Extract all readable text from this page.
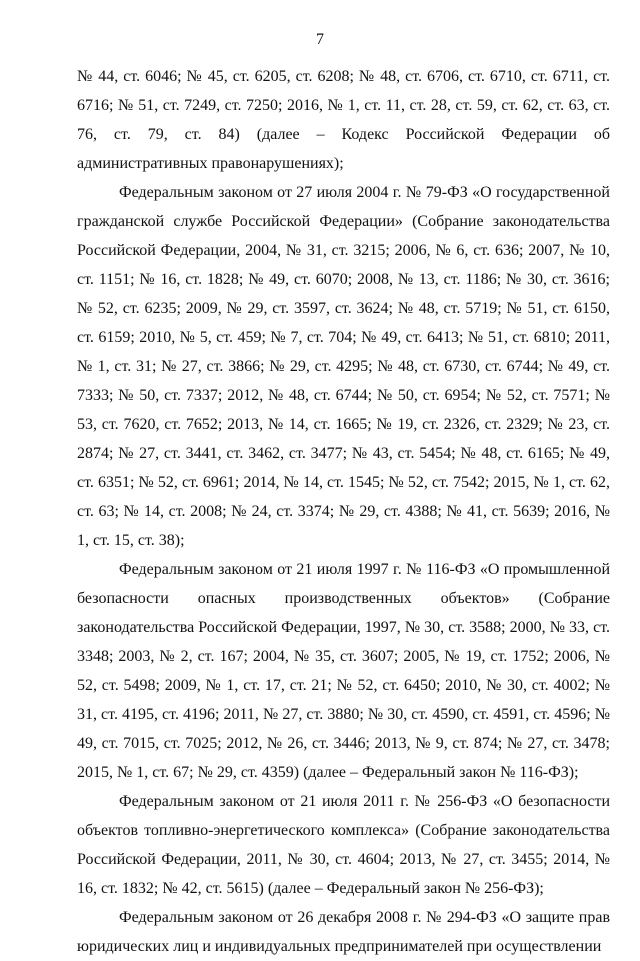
7

№ 44, ст. 6046; № 45, ст. 6205, ст. 6208; № 48, ст. 6706, ст. 6710, ст. 6711, ст. 6716; № 51, ст. 7249, ст. 7250; 2016, № 1, ст. 11, ст. 28, ст. 59, ст. 62, ст. 63, ст. 76, ст. 79, ст. 84) (далее – Кодекс Российской Федерации об административных правонарушениях);

Федеральным законом от 27 июля 2004 г. № 79-ФЗ «О государственной гражданской службе Российской Федерации» (Собрание законодательства Российской Федерации, 2004, № 31, ст. 3215; 2006, № 6, ст. 636; 2007, № 10, ст. 1151; № 16, ст. 1828; № 49, ст. 6070; 2008, № 13, ст. 1186; № 30, ст. 3616; № 52, ст. 6235; 2009, № 29, ст. 3597, ст. 3624; № 48, ст. 5719; № 51, ст. 6150, ст. 6159; 2010, № 5, ст. 459; № 7, ст. 704; № 49, ст. 6413; № 51, ст. 6810; 2011, № 1, ст. 31; № 27, ст. 3866; № 29, ст. 4295; № 48, ст. 6730, ст. 6744; № 49, ст. 7333; № 50, ст. 7337; 2012, № 48, ст. 6744; № 50, ст. 6954; № 52, ст. 7571; № 53, ст. 7620, ст. 7652; 2013, № 14, ст. 1665; № 19, ст. 2326, ст. 2329; № 23, ст. 2874; № 27, ст. 3441, ст. 3462, ст. 3477; № 43, ст. 5454; № 48, ст. 6165; № 49, ст. 6351; № 52, ст. 6961; 2014, № 14, ст. 1545; № 52, ст. 7542; 2015, № 1, ст. 62, ст. 63; № 14, ст. 2008; № 24, ст. 3374; № 29, ст. 4388; № 41, ст. 5639; 2016, № 1, ст. 15, ст. 38);

Федеральным законом от 21 июля 1997 г. № 116-ФЗ «О промышленной безопасности опасных производственных объектов» (Собрание законодательства Российской Федерации, 1997, № 30, ст. 3588; 2000, № 33, ст. 3348; 2003, № 2, ст. 167; 2004, № 35, ст. 3607; 2005, № 19, ст. 1752; 2006, № 52, ст. 5498; 2009, № 1, ст. 17, ст. 21; № 52, ст. 6450; 2010, № 30, ст. 4002; № 31, ст. 4195, ст. 4196; 2011, № 27, ст. 3880; № 30, ст. 4590, ст. 4591, ст. 4596; № 49, ст. 7015, ст. 7025; 2012, № 26, ст. 3446; 2013, № 9, ст. 874; № 27, ст. 3478; 2015, № 1, ст. 67; № 29, ст. 4359) (далее – Федеральный закон № 116-ФЗ);

Федеральным законом от 21 июля 2011 г. № 256-ФЗ «О безопасности объектов топливно-энергетического комплекса» (Собрание законодательства Российской Федерации, 2011, № 30, ст. 4604; 2013, № 27, ст. 3455; 2014, № 16, ст. 1832; № 42, ст. 5615) (далее – Федеральный закон № 256-ФЗ);

Федеральным законом от 26 декабря 2008 г. № 294-ФЗ «О защите прав юридических лиц и индивидуальных предпринимателей при осуществлении
